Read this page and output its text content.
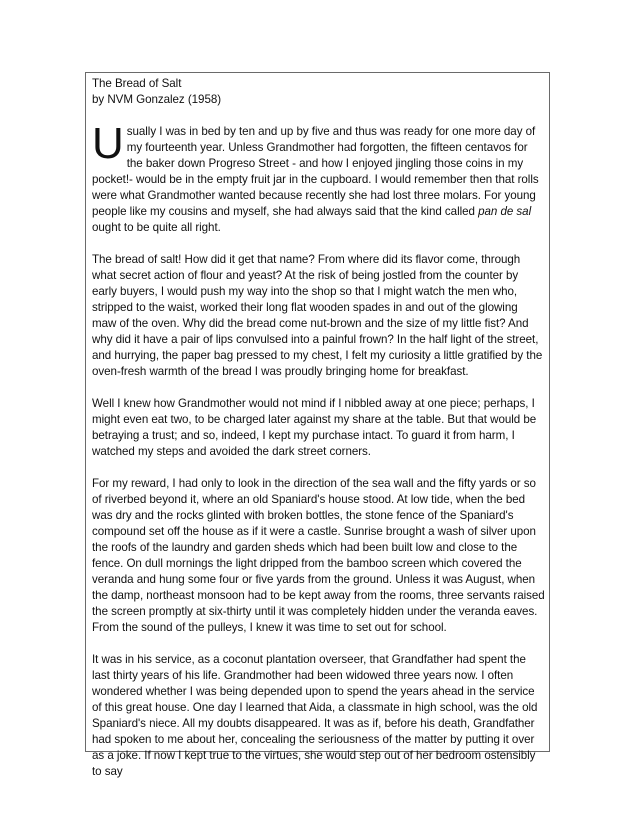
The Bread of Salt

by NVM Gonzalez (1958)

Usually I was in bed by ten and up by five and thus was ready for one more day of my fourteenth year. Unless Grandmother had forgotten, the fifteen centavos for the baker down Progreso Street - and how I enjoyed jingling those coins in my pocket!- would be in the empty fruit jar in the cupboard. I would remember then that rolls were what Grandmother wanted because recently she had lost three molars. For young people like my cousins and myself, she had always said that the kind called pan de sal ought to be quite all right.

The bread of salt! How did it get that name? From where did its flavor come, through what secret action of flour and yeast? At the risk of being jostled from the counter by early buyers, I would push my way into the shop so that I might watch the men who, stripped to the waist, worked their long flat wooden spades in and out of the glowing maw of the oven. Why did the bread come nut-brown and the size of my little fist? And why did it have a pair of lips convulsed into a painful frown? In the half light of the street, and hurrying, the paper bag pressed to my chest, I felt my curiosity a little gratified by the oven-fresh warmth of the bread I was proudly bringing home for breakfast.

Well I knew how Grandmother would not mind if I nibbled away at one piece; perhaps, I might even eat two, to be charged later against my share at the table. But that would be betraying a trust; and so, indeed, I kept my purchase intact. To guard it from harm, I watched my steps and avoided the dark street corners.

For my reward, I had only to look in the direction of the sea wall and the fifty yards or so of riverbed beyond it, where an old Spaniard's house stood. At low tide, when the bed was dry and the rocks glinted with broken bottles, the stone fence of the Spaniard's compound set off the house as if it were a castle. Sunrise brought a wash of silver upon the roofs of the laundry and garden sheds which had been built low and close to the fence. On dull mornings the light dripped from the bamboo screen which covered the veranda and hung some four or five yards from the ground. Unless it was August, when the damp, northeast monsoon had to be kept away from the rooms, three servants raised the screen promptly at six-thirty until it was completely hidden under the veranda eaves. From the sound of the pulleys, I knew it was time to set out for school.

It was in his service, as a coconut plantation overseer, that Grandfather had spent the last thirty years of his life. Grandmother had been widowed three years now. I often wondered whether I was being depended upon to spend the years ahead in the service of this great house. One day I learned that Aida, a classmate in high school, was the old Spaniard's niece. All my doubts disappeared. It was as if, before his death, Grandfather had spoken to me about her, concealing the seriousness of the matter by putting it over as a joke. If now I kept true to the virtues, she would step out of her bedroom ostensibly to say
